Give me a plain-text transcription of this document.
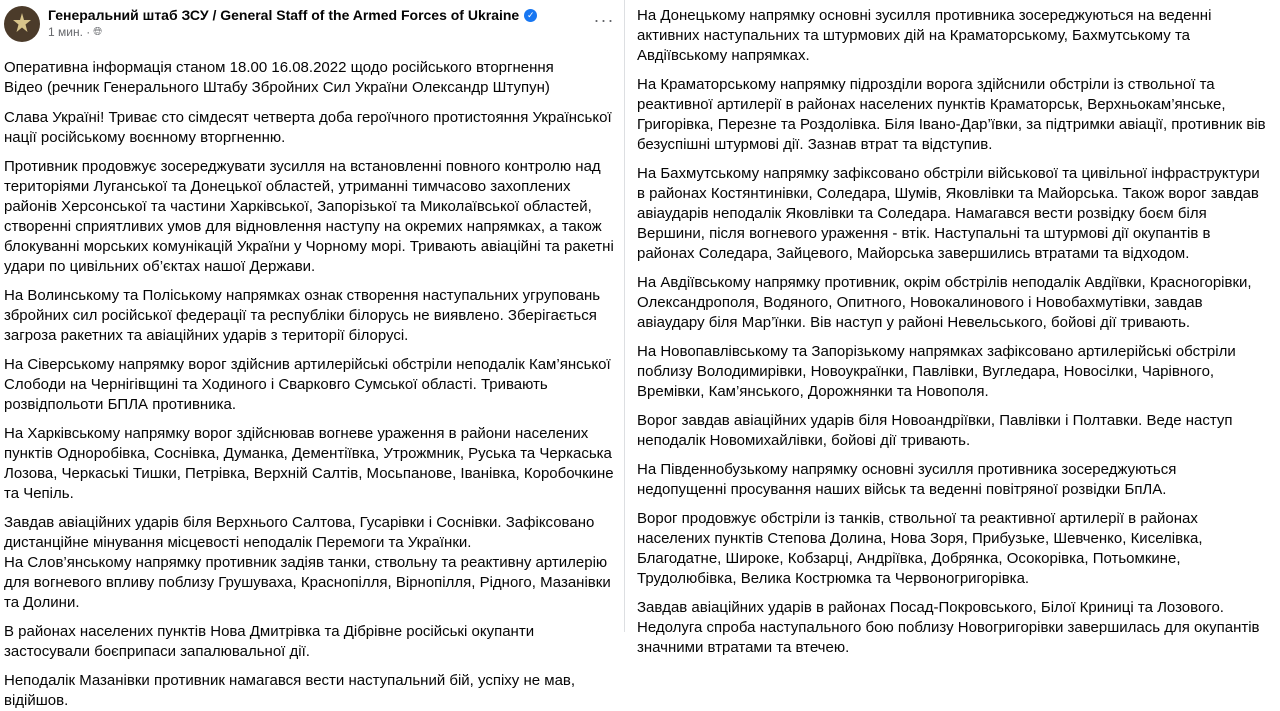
Генеральний штаб ЗСУ / General Staff of the Armed Forces of Ukraine ✓
1 мин. · 🌐︎
···
Оперативна інформація станом 18.00 16.08.2022 щодо російського вторгнення
Відео (речник Генерального Штабу Збройних Сил України Олександр Штупун)

Слава Україні! Триває сто сімдесят четверта доба героїчного протистояння Української нації російському воєнному вторгненню.

Противник продовжує зосереджувати зусилля на встановленні повного контролю над територіями Луганської та Донецької областей, утриманні тимчасово захоплених районів Херсонської та частини Харківської, Запорізької та Миколаївської областей, створенні сприятливих умов для відновлення наступу на окремих напрямках, а також блокуванні морських комунікацій України у Чорному морі. Тривають авіаційні та ракетні удари по цивільних об’єктах нашої Держави.

На Волинському та Поліському напрямках ознак створення наступальних угруповань збройних сил російської федерації та республіки білорусь не виявлено. Зберігається загроза ракетних та авіаційних ударів з території білорусі.

На Сіверському напрямку ворог здійснив артилерійські обстріли неподалік Кам’янської Слободи на Чернігівщині та Ходиного і Сварковго Сумської області. Тривають розвідпольоти БПЛА противника.

На Харківському напрямку ворог здійснював вогневе ураження в райони населених пунктів Одноробівка, Соснівка, Думанка, Дементіївка, Утрожмник, Руська та Черкаська Лозова, Черкаські Тишки, Петрівка, Верхній Салтів, Мосьпанове, Іванівка, Коробочкине та Чепіль.

Завдав авіаційних ударів біля Верхнього Салтова, Гусарівки і Соснівки. Зафіксовано дистанційне мінування місцевості неподалік Перемоги та Українки.
На Слов’янському напрямку противник задіяв танки, ствольну та реактивну артилерію для вогневого впливу поблизу Грушуваха, Краснопілля, Вірнопілля, Рідного, Мазанівки та Долини.

В районах населених пунктів Нова Дмитрівка та Дібрівне російські окупанти застосували боєприпаси запалювальної дії.

Неподалік Мазанівки противник намагався вести наступальний бій, успіху не мав, відійшов.

На Донецькому напрямку основні зусилля противника зосереджуються на веденні активних наступальних та штурмових дій на Краматорському, Бахмутському та Авдіївському напрямках.

На Краматорському напрямку підрозділи ворога здійснили обстріли із ствольної та реактивної артилерії в районах населених пунктів Краматорськ, Верхньокам’янське, Григорівка, Перезне та Роздолівка. Біля Івано-Дар’ївки, за підтримки авіації, противник вів безуспішні штурмові дії. Зазнав втрат та відступив.

На Бахмутському напрямку зафіксовано обстріли військової та цивільної інфраструктури в районах Костянтинівки, Соледара, Шумів, Яковлівки та Майорська. Також ворог завдав авіаударів неподалік Яковлівки та Соледара. Намагався вести розвідку боєм біля Вершини, після вогневого ураження - втік. Наступальні та штурмові дії окупантів в районах Соледара, Зайцевого, Майорська завершились втратами та відходом.

На Авдіївському напрямку противник, окрім обстрілів неподалік Авдіївки, Красногорівки, Олександрополя, Водяного, Опитного, Новокалинового і Новобахмутівки, завдав авіаудару біля Мар’їнки. Вів наступ у районі Невельського, бойові дії тривають.

На Новопавлівському та Запорізькому напрямках зафіксовано артилерійські обстріли поблизу Володимирівки, Новоукраїнки, Павлівки, Вугледара, Новосілки, Чарівного, Времівки, Кам’янського, Дорожнянки та Новополя.

Ворог завдав авіаційних ударів біля Новоандріївки, Павлівки і Полтавки. Веде наступ неподалік Новомихайлівки, бойові дії тривають.

На Південнобузькому напрямку основні зусилля противника зосереджуються недопущенні просування наших військ та веденні повітряної розвідки БпЛА.

Ворог продовжує обстріли із танків, ствольної та реактивної артилерії в районах населених пунктів Степова Долина, Нова Зоря, Прибузьке, Шевченко, Киселівка, Благодатне, Широке, Кобзарці, Андріївка, Добрянка, Осокорівка, Потьомкине, Трудолюбівка, Велика Кострюмка та Червоногригорівка.

Завдав авіаційних ударів в районах Посад-Покровського, Білої Криниці та Лозового.
Недолуга спроба наступального бою поблизу Новогригорівки завершилась для окупантів значними втратами та втечею.
